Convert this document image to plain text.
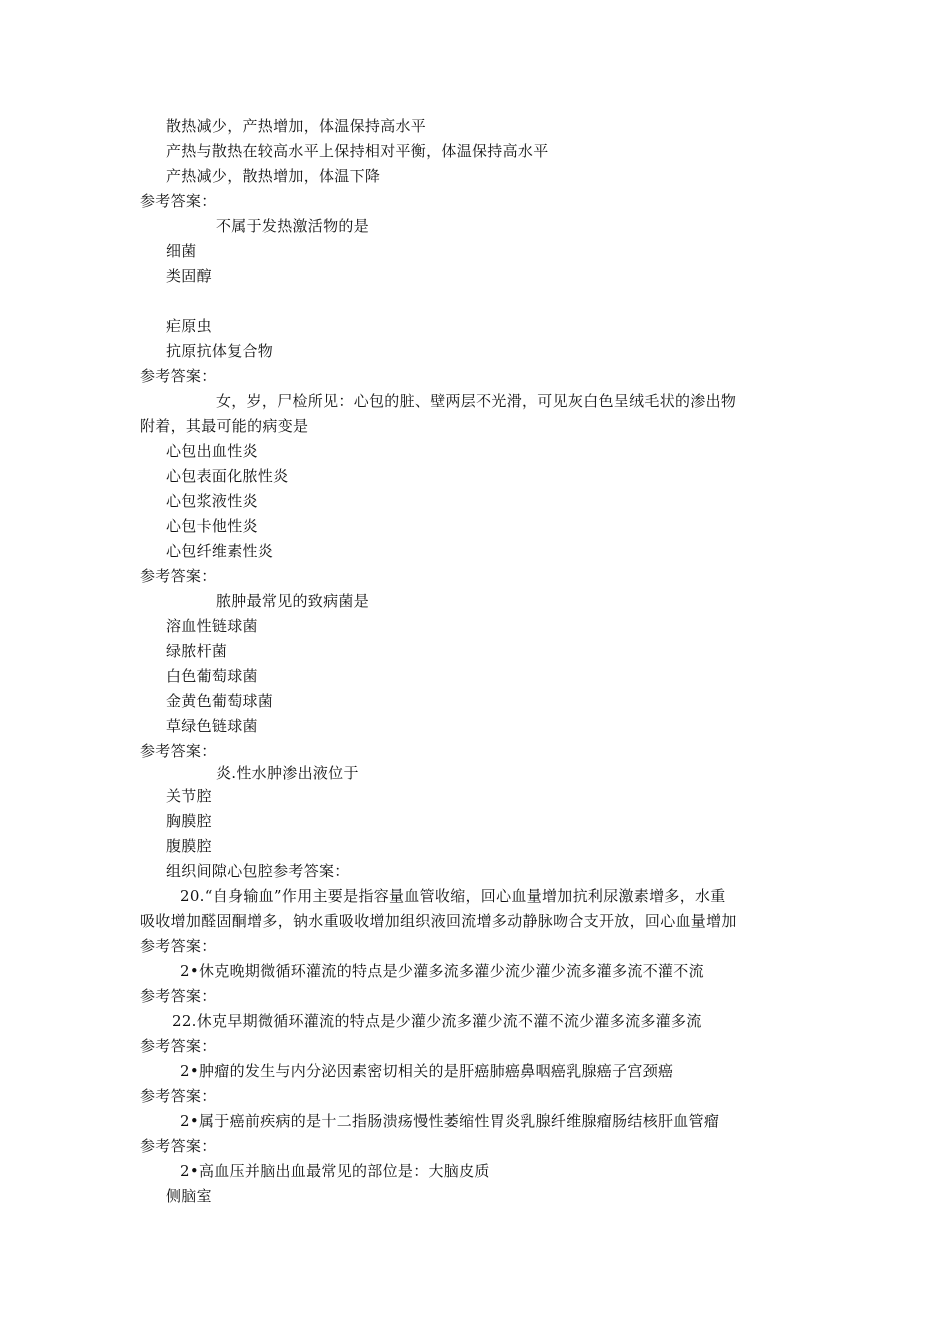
散热减少，产热增加，体温保持高水平
产热与散热在较高水平上保持相对平衡，体温保持高水平
产热减少，散热增加，体温下降
参考答案：
不属于发热激活物的是
细菌
类固醇
疟原虫
抗原抗体复合物
参考答案：
女，岁，尸检所见：心包的脏、壁两层不光滑，可见灰白色呈绒毛状的渗出物
附着，其最可能的病变是
心包出血性炎
心包表面化脓性炎
心包浆液性炎
心包卡他性炎
心包纤维素性炎
参考答案：
脓肿最常见的致病菌是
溶血性链球菌
绿脓杆菌
白色葡萄球菌
金黄色葡萄球菌
草绿色链球菌
参考答案：
炎.性水肿渗出液位于
关节腔
胸膜腔
腹膜腔
组织间隙心包腔参考答案：
20.“自身输血”作用主要是指容量血管收缩，回心血量增加抗利尿激素增多，水重
吸收增加醛固酮增多，钠水重吸收增加组织液回流增多动静脉吻合支开放，回心血量增加
参考答案：
2•休克晚期微循环灌流的特点是少灌多流多灌少流少灌少流多灌多流不灌不流
参考答案：
22.休克早期微循环灌流的特点是少灌少流多灌少流不灌不流少灌多流多灌多流
参考答案：
2•肿瘤的发生与内分泌因素密切相关的是肝癌肺癌鼻咽癌乳腺癌子宫颈癌
参考答案：
2•属于癌前疾病的是十二指肠溃疡慢性萎缩性胃炎乳腺纤维腺瘤肠结核肝血管瘤
参考答案：
2•高血压并脑出血最常见的部位是：大脑皮质
侧脑室
